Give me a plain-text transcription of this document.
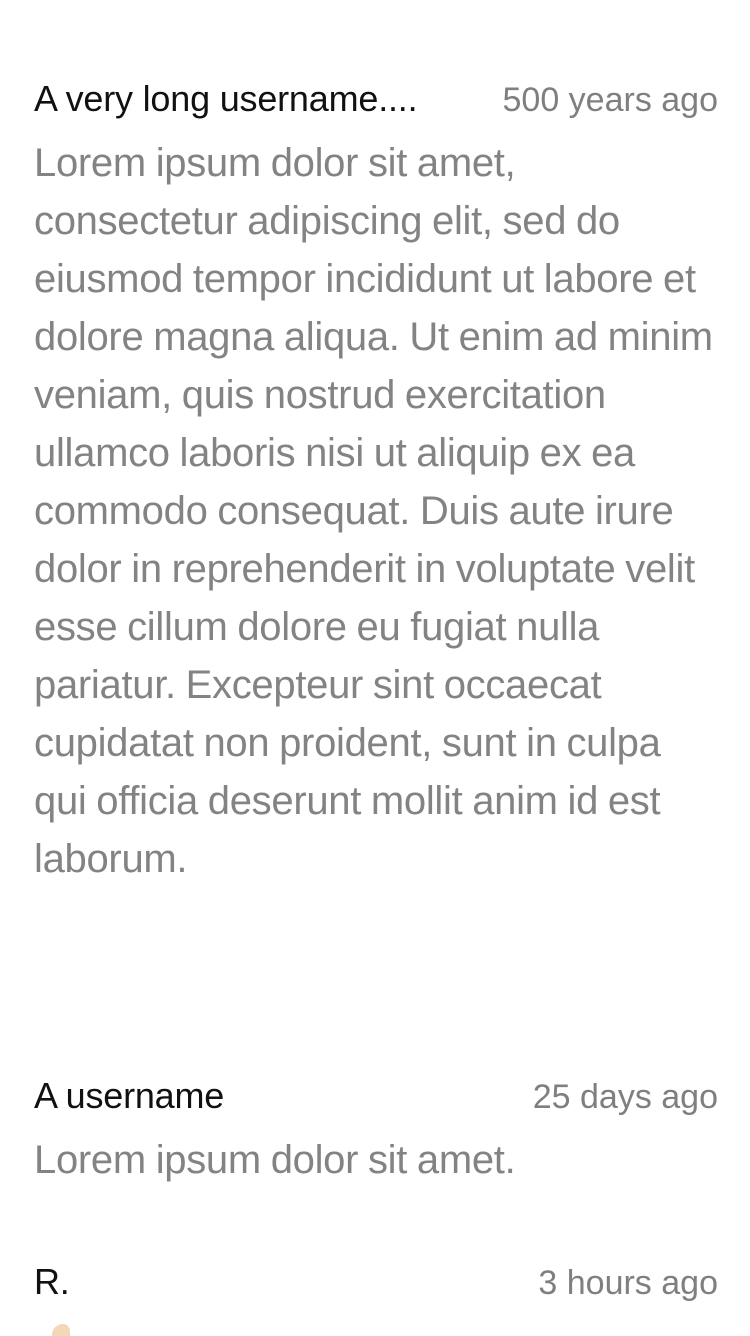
A very long username....	500 years ago
Lorem ipsum dolor sit amet, consectetur adipiscing elit, sed do eiusmod tempor incididunt ut labore et dolore magna aliqua. Ut enim ad minim veniam, quis nostrud exercitation ullamco laboris nisi ut aliquip ex ea commodo consequat. Duis aute irure dolor in reprehenderit in voluptate velit esse cillum dolore eu fugiat nulla pariatur. Excepteur sint occaecat cupidatat non proident, sunt in culpa qui officia deserunt mollit anim id est laborum.
A username	25 days ago
Lorem ipsum dolor sit amet.
R.	3 hours ago
